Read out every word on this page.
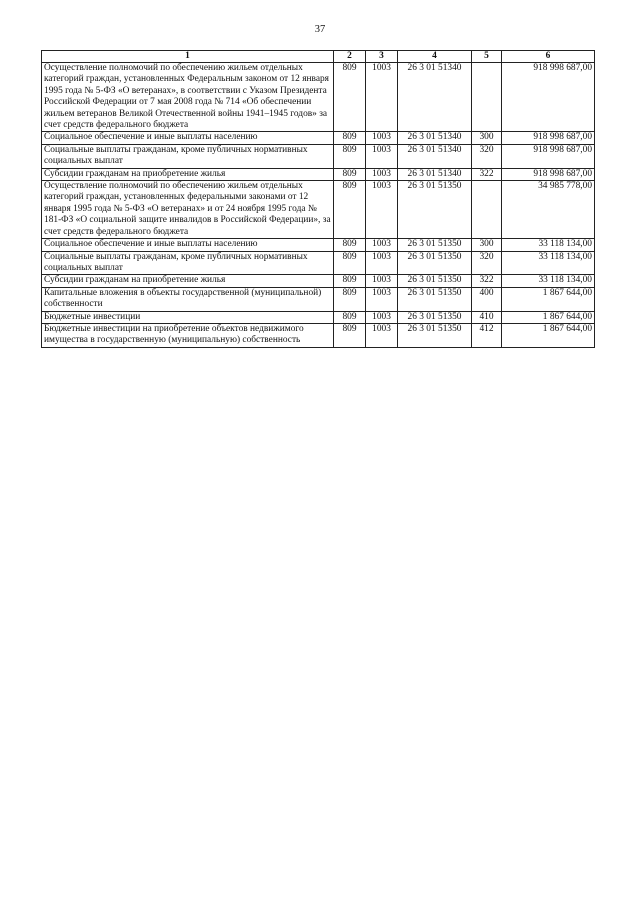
37
1	2	3	4	5	6
Осуществление полномочий по обеспечению жильем отдельных категорий граждан, установленных Федеральным законом от 12 января 1995 года № 5-ФЗ «О ветеранах», в соответствии с Указом Президента Российской Федерации от 7 мая 2008 года № 714 «Об обеспечении жильем ветеранов Великой Отечественной войны 1941–1945 годов» за счет средств федерального бюджета	809	1003	26 3 01 51340		918 998 687,00
Социальное обеспечение и иные выплаты населению	809	1003	26 3 01 51340	300	918 998 687,00
Социальные выплаты гражданам, кроме публичных нормативных социальных выплат	809	1003	26 3 01 51340	320	918 998 687,00
Субсидии гражданам на приобретение жилья	809	1003	26 3 01 51340	322	918 998 687,00
Осуществление полномочий по обеспечению жильем отдельных категорий граждан, установленных федеральными законами от 12 января 1995 года № 5-ФЗ «О ветеранах» и от 24 ноября 1995 года № 181-ФЗ «О социальной защите инвалидов в Российской Федерации», за счет средств федерального бюджета	809	1003	26 3 01 51350		34 985 778,00
Социальное обеспечение и иные выплаты населению	809	1003	26 3 01 51350	300	33 118 134,00
Социальные выплаты гражданам, кроме публичных нормативных социальных выплат	809	1003	26 3 01 51350	320	33 118 134,00
Субсидии гражданам на приобретение жилья	809	1003	26 3 01 51350	322	33 118 134,00
Капитальные вложения в объекты государственной (муниципальной) собственности	809	1003	26 3 01 51350	400	1 867 644,00
Бюджетные инвестиции	809	1003	26 3 01 51350	410	1 867 644,00
Бюджетные инвестиции на приобретение объектов недвижимого имущества в государственную (муниципальную) собственность	809	1003	26 3 01 51350	412	1 867 644,00
